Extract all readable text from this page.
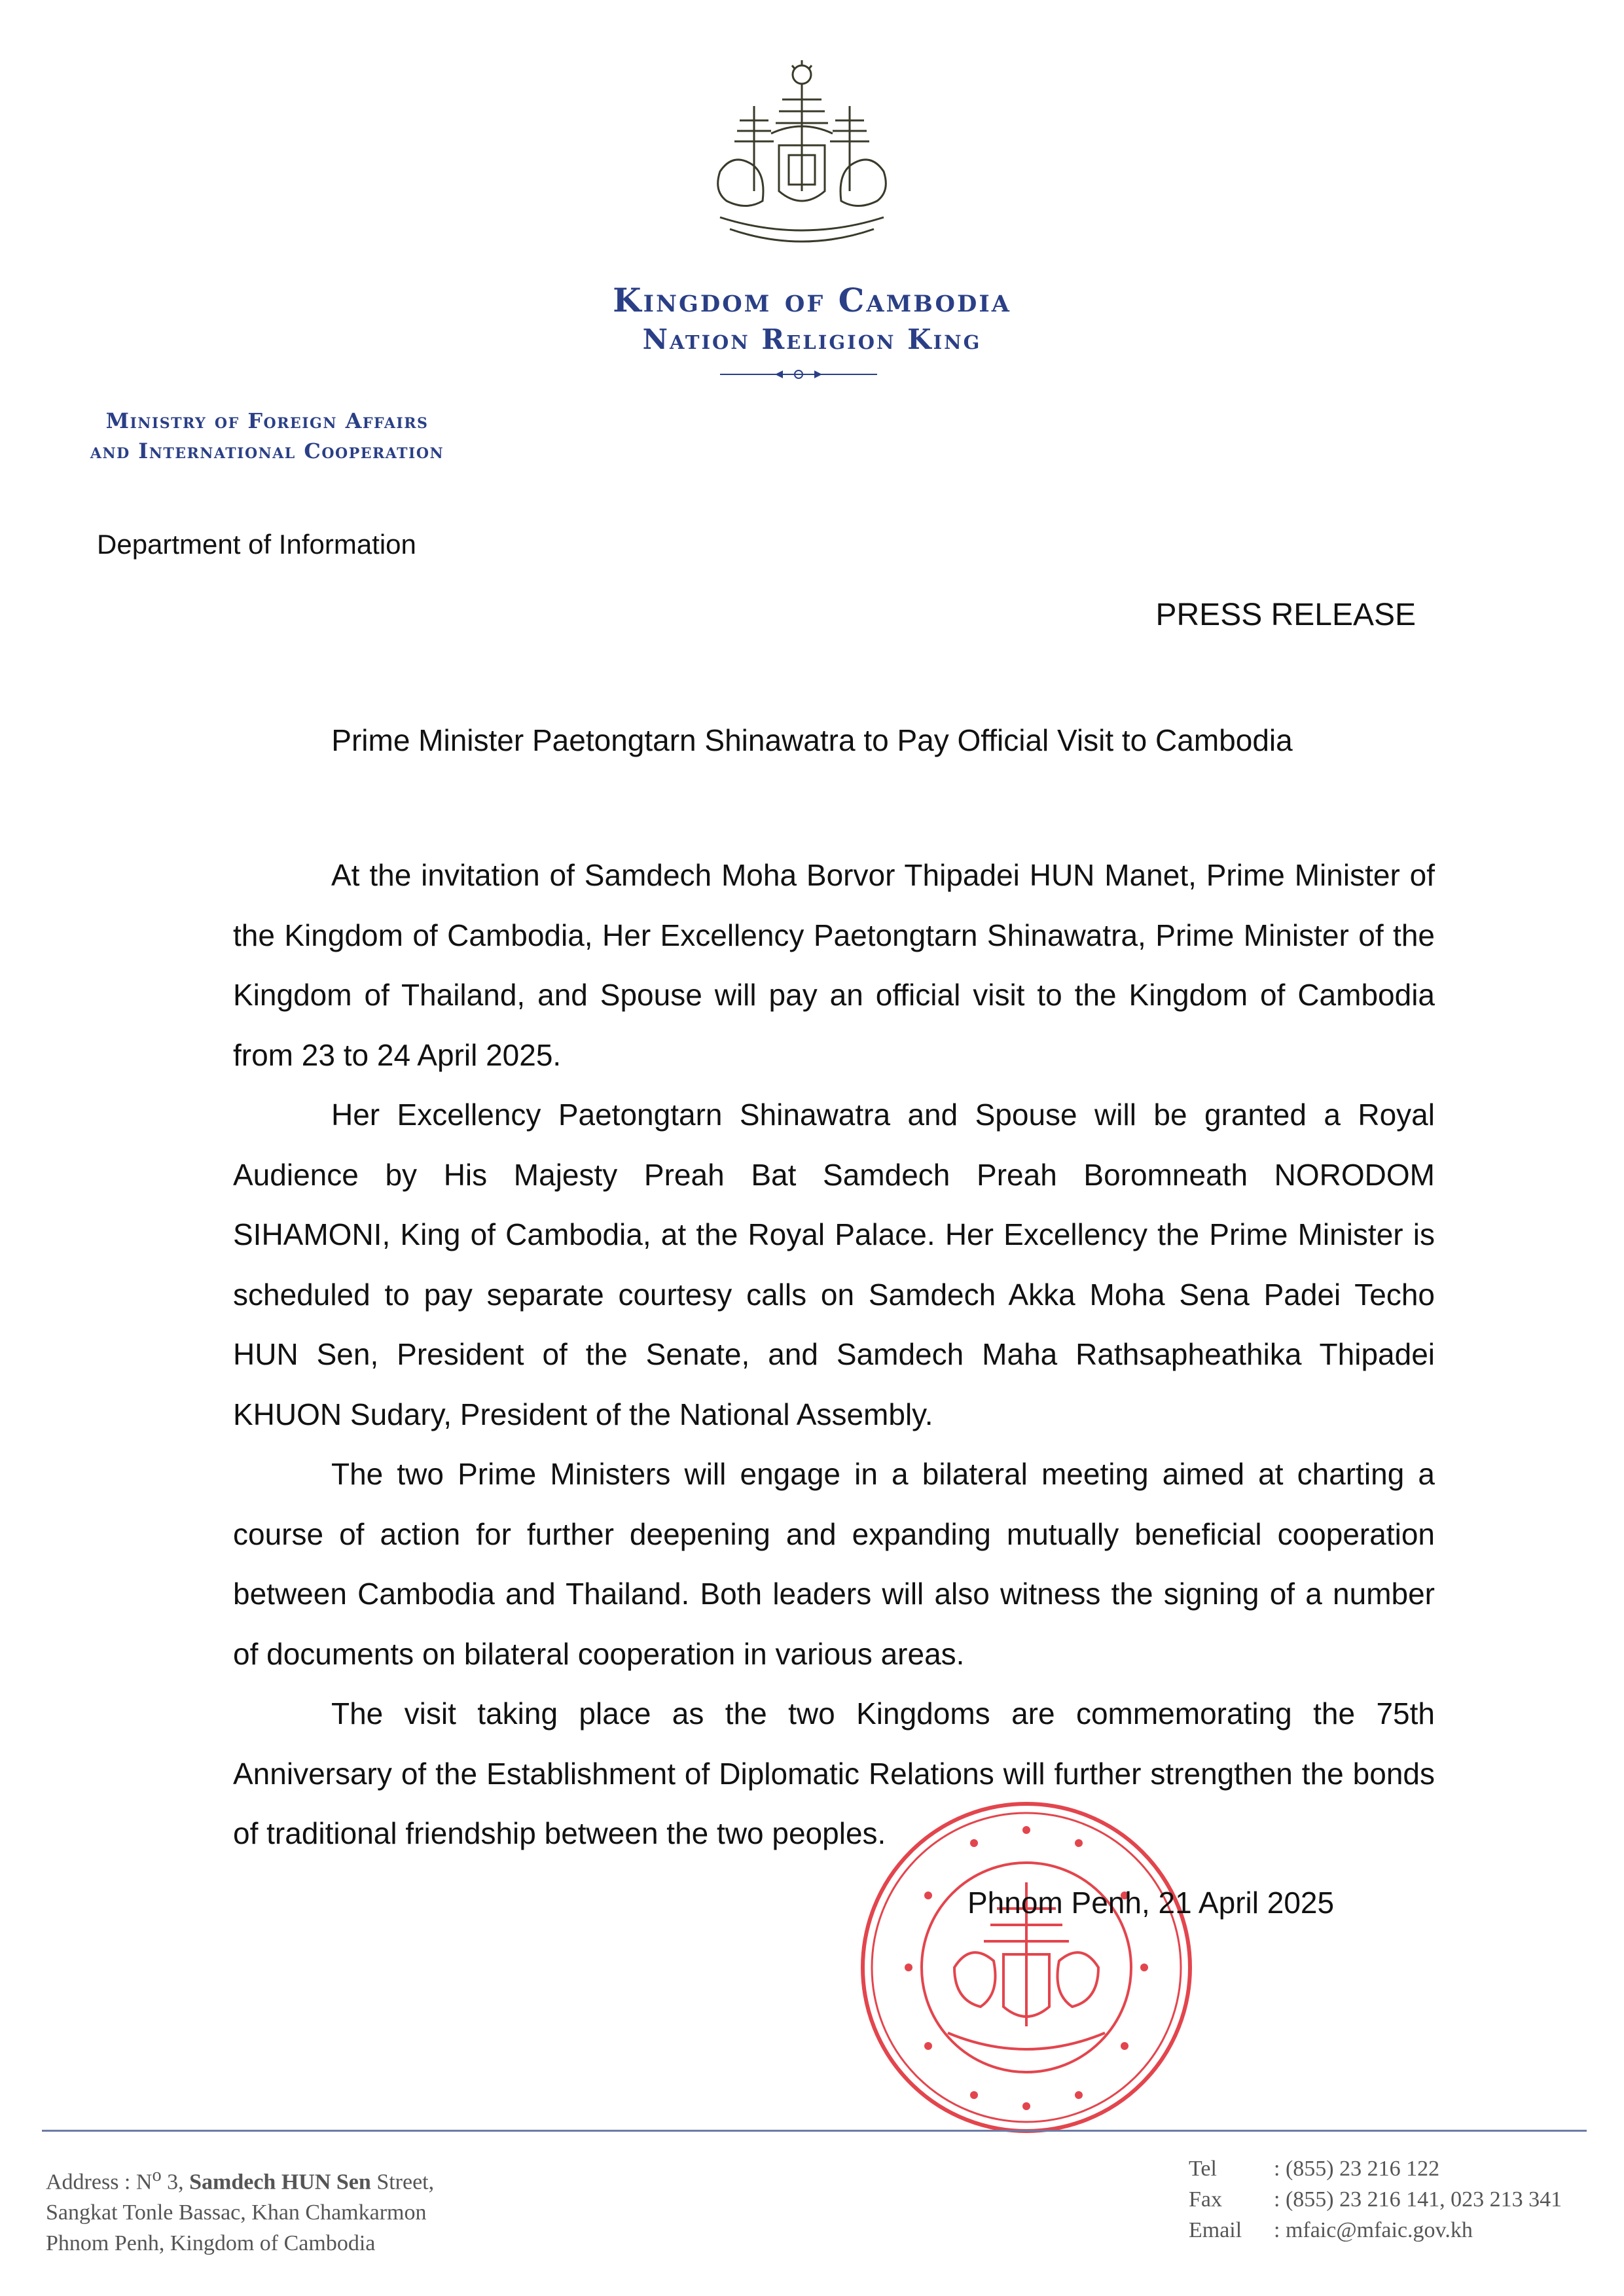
Kingdom of Cambodia
Nation Religion King
Ministry of Foreign Affairs
and International Cooperation
Department of Information
PRESS RELEASE
Prime Minister Paetongtarn Shinawatra to Pay Official Visit to Cambodia

At the invitation of Samdech Moha Borvor Thipadei HUN Manet, Prime Minister of the Kingdom of Cambodia, Her Excellency Paetongtarn Shinawatra, Prime Minister of the Kingdom of Thailand, and Spouse will pay an official visit to the Kingdom of Cambodia from 23 to 24 April 2025.

Her Excellency Paetongtarn Shinawatra and Spouse will be granted a Royal Audience by His Majesty Preah Bat Samdech Preah Boromneath NORODOM SIHAMONI, King of Cambodia, at the Royal Palace. Her Excellency the Prime Minister is scheduled to pay separate courtesy calls on Samdech Akka Moha Sena Padei Techo HUN Sen, President of the Senate, and Samdech Maha Rathsapheathika Thipadei KHUON Sudary, President of the National Assembly.

The two Prime Ministers will engage in a bilateral meeting aimed at charting a course of action for further deepening and expanding mutually beneficial cooperation between Cambodia and Thailand. Both leaders will also witness the signing of a number of documents on bilateral cooperation in various areas.

The visit taking place as the two Kingdoms are commemorating the 75th Anniversary of the Establishment of Diplomatic Relations will further strengthen the bonds of traditional friendship between the two peoples.

Phnom Penh, 21 April 2025
Address : $N^o$ 3, Samdech HUN Sen Street,
Sangkat Tonle Bassac, Khan Chamkarmon
Phnom Penh, Kingdom of Cambodia
Tel	: (855) 23 216 122
Fax	: (855) 23 216 141, 023 213 341
Email	: mfaic@mfaic.gov.kh
